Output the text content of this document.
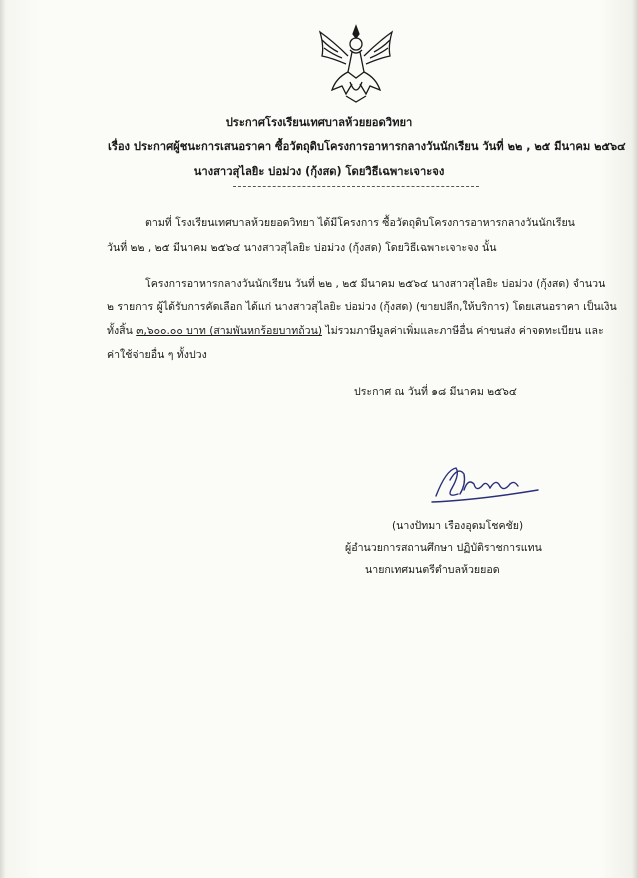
ประกาศโรงเรียนเทศบาลห้วยยอดวิทยา
เรื่อง ประกาศผู้ชนะการเสนอราคา ซื้อวัตถุดิบโครงการอาหารกลางวันนักเรียน วันที่ ๒๒ , ๒๕ มีนาคม ๒๕๖๔
นางสาวสุไลยิะ บ่อม่วง (กุ้งสด) โดยวิธีเฉพาะเจาะจง
ตามที่ โรงเรียนเทศบาลห้วยยอดวิทยา ได้มีโครงการ ซื้อวัตถุดิบโครงการอาหารกลางวันนักเรียน
วันที่ ๒๒ , ๒๕ มีนาคม ๒๕๖๔ นางสาวสุไลยิะ บ่อม่วง (กุ้งสด) โดยวิธีเฉพาะเจาะจง นั้น
โครงการอาหารกลางวันนักเรียน วันที่ ๒๒ , ๒๕ มีนาคม ๒๕๖๔ นางสาวสุไลยิะ บ่อม่วง (กุ้งสด) จำนวน
๒ รายการ ผู้ได้รับการคัดเลือก ได้แก่ นางสาวสุไลยิะ บ่อม่วง (กุ้งสด) (ขายปลีก,ให้บริการ) โดยเสนอราคา เป็นเงิน
ทั้งสิ้น ๓,๖๐๐.๐๐ บาท (สามพันหกร้อยบาทถ้วน) ไม่รวมภาษีมูลค่าเพิ่มและภาษีอื่น ค่าขนส่ง ค่าจดทะเบียน และ
ค่าใช้จ่ายอื่น ๆ ทั้งปวง
ประกาศ ณ วันที่ ๑๘ มีนาคม ๒๕๖๔
(นางปัทมา เรืองอุดมโชคชัย)
ผู้อำนวยการสถานศึกษา ปฏิบัติราชการแทน
นายกเทศมนตรีตำบลห้วยยอด
